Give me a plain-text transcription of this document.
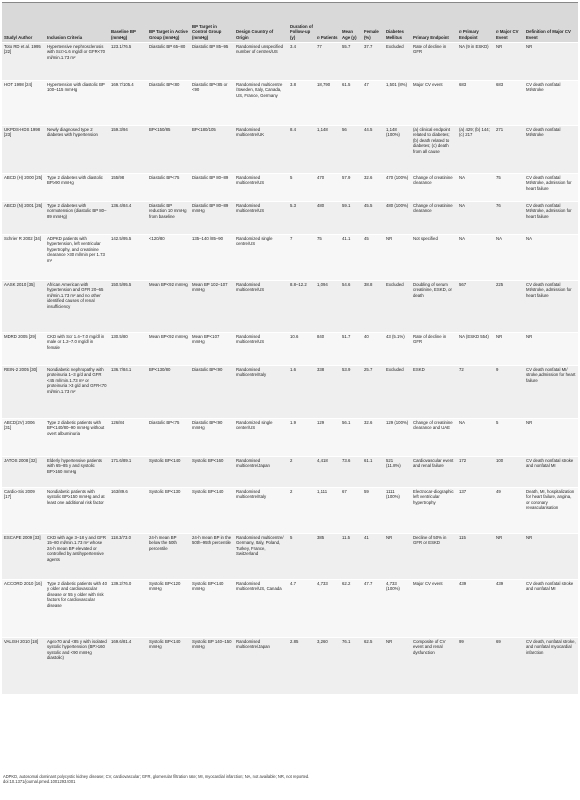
Study/ Author	Inclusion Criteria	Baseline BP (mmHg)	BP Target in Active Group (mmHg)	BP Target in Control Group (mmHg)	Design Country of Origin	Duration of Follow-up (y)	n Patients	Mean Age (y)	Female (%)	Diabetes Mellitus	Primary Endpoint	n Primary Endpoint	n Major CV Event	Definition of Major CV Event
Toto RD et al. 1995 [22]	Hypertensive nephrosclerosis with Scr>1.6 mg/dl or GFR<70 ml/min.1.73 m²	123.1/76.5	Diastolic BP 65–80	Diastolic BP 85–95	Randomised unspecified number of centres/US	3.4	77	55.7	37.7	Excluded	Rate of decline in GFR	NA (9 in ESKD)	NR	NR
HOT 1998 [24]	Hypertension with diastolic BP 100–115 mmHg	169.7/105.4	Diastolic BP<80	Diastolic BP<85 or <90	Randomised multicentre /Sweden, Italy, Canada, US, France, Germany	3.8	18,790	61.5	47	1,501 (8%)	Major CV event	683	683	CV death nonfatal MI/stroke
UKPDS-HDS 1998 [23]	Newly diagnosed type 2 diabetes with hypertension	159.3/94	BP<150/85	BP<180/105	Randomised multicentre/UK	8.4	1,148	56	44.5	1,148 (100%)	(a) clinical endpoint related to diabetes; (b) death related to diabetes; (c) death from all cause	(a) 429; (b) 144; (c) 217	271	CV death nonfatal MI/stroke
ABCD (H) 2000 [25]	Type 2 diabetes with diastolic BP≥90 mmHg	155/98	Diastolic BP<75	Diastolic BP 80–89	Randomised multicentre/US	5	470	57.9	32.6	470 (100%)	Change of creatinine clearance	NA	75	CV death nonfatal MI/stroke, admission for heart failure
ABCD (N) 2001 [26]	Type 2 diabetes with normotension (diastolic BP 80–89 mmHg)	136.4/84.4	Diastolic BP reduction 10 mmHg from baseline	Diastolic BP 80–89 mmHg	Randomised multicentre/US	5.3	480	59.1	45.5	480 (100%)	Change of creatinine clearance	NA	76	CV death nonfatal MI/stroke, admission for heart failure
Schrier R 2002 [34]	ADPKD patients with hypertension, left ventricular hypertrophy, and creatinine clearance >30 ml/min per 1.73 m²	142.5/95.5	<120/80	135–140 /85–90	Randomized single centre/US	7	75	41.1	45	NR	Not specified	NA	NA	NA
AASK 2010 [35]	African American with hypertension and GFR 20–65 ml/min.1.73 m² and no other identified causes of renal insufficiency	150.5/95.5	Mean BP<92 mmHg	Mean BP 102–107 mmHg	Randomised multicentre/US	8.8–12.2	1,094	54.6	38.8	Excluded	Doubling of serum creatinine, ESKD, or death	567	225	CV death nonfatal MI/stroke, admission for heart failure
MDRD 2005 [29]	CKD with Scr 1.4–7.0 mg/dl in male or 1.2–7.0 mg/dl in female	130.5/80	Mean BP<92 mmHg	Mean BP<107 mmHg	Randomised multicentre/US	10.6	840	51.7	40	43 (5.1%)	Rate of decline in GFR	NA (ESKD 554)	NR	NR
REIN-2 2005 [30]	Nondiabetic nephropathy with proteinuria 1–3 g/d and GFR <45 ml/min.1.73 m² or proteinuria >3 g/d and GFR<70 ml/min.1.73 m²	136.7/84.1	BP<130/80	Diastolic BP<90	Randomised multicentre/Italy	1.6	338	53.9	25.7	Excluded	ESKD	72	9	CV death nonfatal MI/ stroke,admission for heart failure
ABCD(2V) 2006 [31]	Type 2 diabetic patients with BP<140/80–90 mmHg without overt albuminuria	126/84	Diastolic BP<75	Diastolic BP<90 mmHg	Randomized single center/US	1.9	129	56.1	32.6	129 (100%)	Change of creatinine clearance and UAE	NA	5	NR
JATOS 2008 [32]	Elderly hypertensive patients with 65–85 y and systolic BP>160 mmHg	171.6/89.1	Systolic BP<140	Systolic BP<160	Randomised multicentre/Japan	2	4,418	73.6	61.1	521 (11.8%)	Cardiovascular event and renal failure	172	100	CV death nonfatal stroke and nonfatal MI
Cardio-Sis 2009 [17]	Nondiabetic patients with systolic BP≥150 mmHg and at least one additional risk factor	163/89.6	Systolic BP<130	Systolic BP<140	Randomised multicentre/Italy	2	1,111	67	59	1111 (100%)	Electrocar-diographic left ventricular hypertrophy	137	49	Death, MI, hospitalization for heart failure, angina, or coronary revascularisation
ESCAPE 2009 [33]	CKD with age 3–18 y and GFR 15–80 ml/min.1.73 m² whose 24-h mean BP elevated or controlled by antihypertensive agents	118.3/73.0	24-h mean BP below the 50th percentile	24-h mean BP in the 50th–95th percentile	Randomised multicentre/ Germany, Italy, Poland, Turkey, France, Switzerland	5	385	11.5	41	NR	Decline of 50% in GFR or ESKD	115	NR	NR
ACCORD 2010 [16]	Type 2 diabetic patients with 40 y older and cardiovascular disease or 55 y older with risk factors for cardiovascular disease	139.2/76.0	Systolic BP<120 mmHg	Systolic BP<140 mmHg	Randomised multicentre/US, Canada	4.7	4,733	62.2	47.7	4,733 (100%)	Major CV event	439	439	CV death nonfatal stroke and nonfatal MI
VALISH 2010 [18]	Age≥70 and <85 y with isolated systolic hypertension (BP>160 systolic and <90 mmHg diastolic)	169.6/81.4	Systolic BP<140 mmHg	Systolic BP 140–150 mmHg	Randomised multicentre/Japan	2.85	3,260	76.1	62.5	NR	Composite of CV event and renal dysfunction	99	69	CV death, nonfatal stroke, and nonfatal myocardial infarction
ADPKD, autosomal dominant polycystic kidney disease; CV, cardiovascular; GFR, glomerular filtration rate; MI, myocardial infarction; NA, not available; NR, not reported.
doi:10.1371/journal.pmed.1001293.t001
